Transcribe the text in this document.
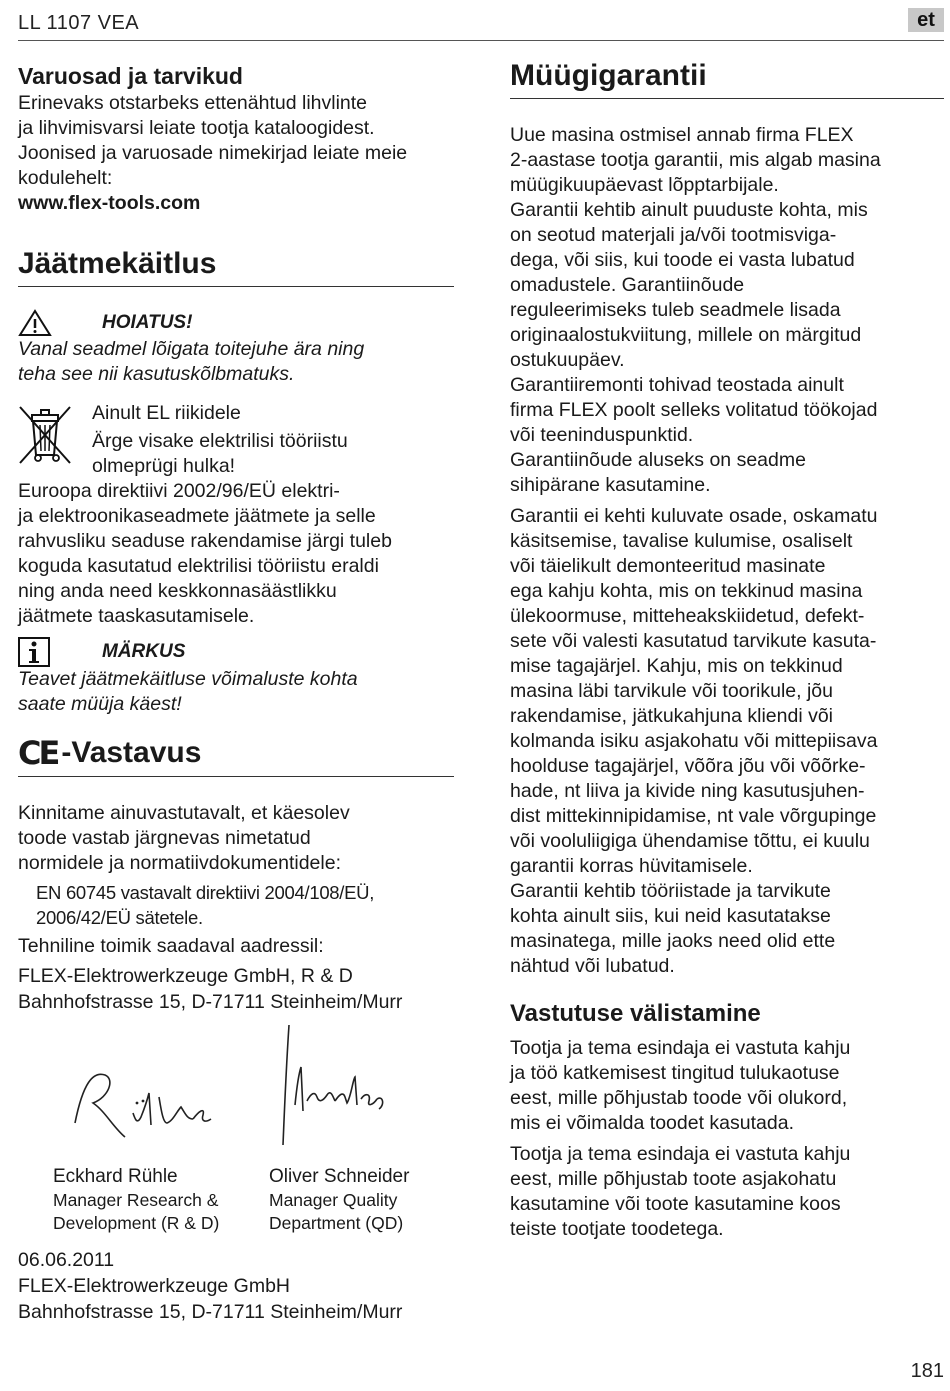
LL 1107 VEA	et
Varuosad ja tarvikud
Erinevaks otstarbeks ettenähtud lihvlinte
ja lihvimisvarsi leiate tootja kataloogidest.
Joonised ja varuosade nimekirjad leiate meie
kodulehelt:
www.flex-tools.com
Jäätmekäitlus
HOIATUS!
Vanal seadmel lõigata toitejuhe ära ning
teha see nii kasutuskõlbmatuks.
Ainult EL riikidele
Ärge visake elektrilisi tööriistu
olmeprügi hulka!
Euroopa direktiivi 2002/96/EÜ elektri-
ja elektroonikaseadmete jäätmete ja selle
rahvusliku seaduse rakendamise järgi tuleb
koguda kasutatud elektrilisi tööriistu eraldi
ning anda need keskkonnasäästlikku
jäätmete taaskasutamisele.
MÄRKUS
Teavet jäätmekäitluse võimaluste kohta
saate müüja käest!
CE -Vastavus
Kinnitame ainuvastutavalt, et käesolev
toode vastab järgnevas nimetatud
normidele ja normatiivdokumentidele:
EN 60745 vastavalt direktiivi 2004/108/EÜ,
2006/42/EÜ sätetele.
Tehniline toimik saadaval aadressil:
FLEX-Elektrowerkzeuge GmbH, R & D
Bahnhofstrasse 15, D-71711 Steinheim/Murr
Eckhard Rühle
Manager Research &
Development (R & D)
Oliver Schneider
Manager Quality
Department (QD)
06.06.2011
FLEX-Elektrowerkzeuge GmbH
Bahnhofstrasse 15, D-71711 Steinheim/Murr
Müügigarantii
Uue masina ostmisel annab firma FLEX
2-aastase tootja garantii, mis algab masina
müügikuupäevast lõpptarbijale.
Garantii kehtib ainult puuduste kohta, mis
on seotud materjali ja/või tootmisviga-
dega, või siis, kui toode ei vasta lubatud
omadustele. Garantiinõude
reguleerimiseks tuleb seadmele lisada
originaalostukviitung, millele on märgitud
ostukuupäev.
Garantiiremonti tohivad teostada ainult
firma FLEX poolt selleks volitatud töökojad
või teeninduspunktid.
Garantiinõude aluseks on seadme
sihipärane kasutamine.
Garantii ei kehti kuluvate osade, oskamatu
käsitsemise, tavalise kulumise, osaliselt
või täielikult demonteeritud masinate
ega kahju kohta, mis on tekkinud masina
ülekoormuse, mitteheakskiidetud, defekt-
sete või valesti kasutatud tarvikute kasuta-
mise tagajärjel. Kahju, mis on tekkinud
masina läbi tarvikule või toorikule, jõu
rakendamise, jätkukahjuna kliendi või
kolmanda isiku asjakohatu või mittepiisava
hoolduse tagajärjel, võõra jõu või võõrke-
hade, nt liiva ja kivide ning kasutusjuhen-
dist mittekinnipidamise, nt vale võrgupinge
või vooluliigiga ühendamise tõttu, ei kuulu
garantii korras hüvitamisele.
Garantii kehtib tööriistade ja tarvikute
kohta ainult siis, kui neid kasutatakse
masinatega, mille jaoks need olid ette
nähtud või lubatud.
Vastutuse välistamine
Tootja ja tema esindaja ei vastuta kahju
ja töö katkemisest tingitud tulukaotuse
eest, mille põhjustab toode või olukord,
mis ei võimalda toodet kasutada.
Tootja ja tema esindaja ei vastuta kahju
eest, mille põhjustab toote asjakohatu
kasutamine või toote kasutamine koos
teiste tootjate toodetega.
181
